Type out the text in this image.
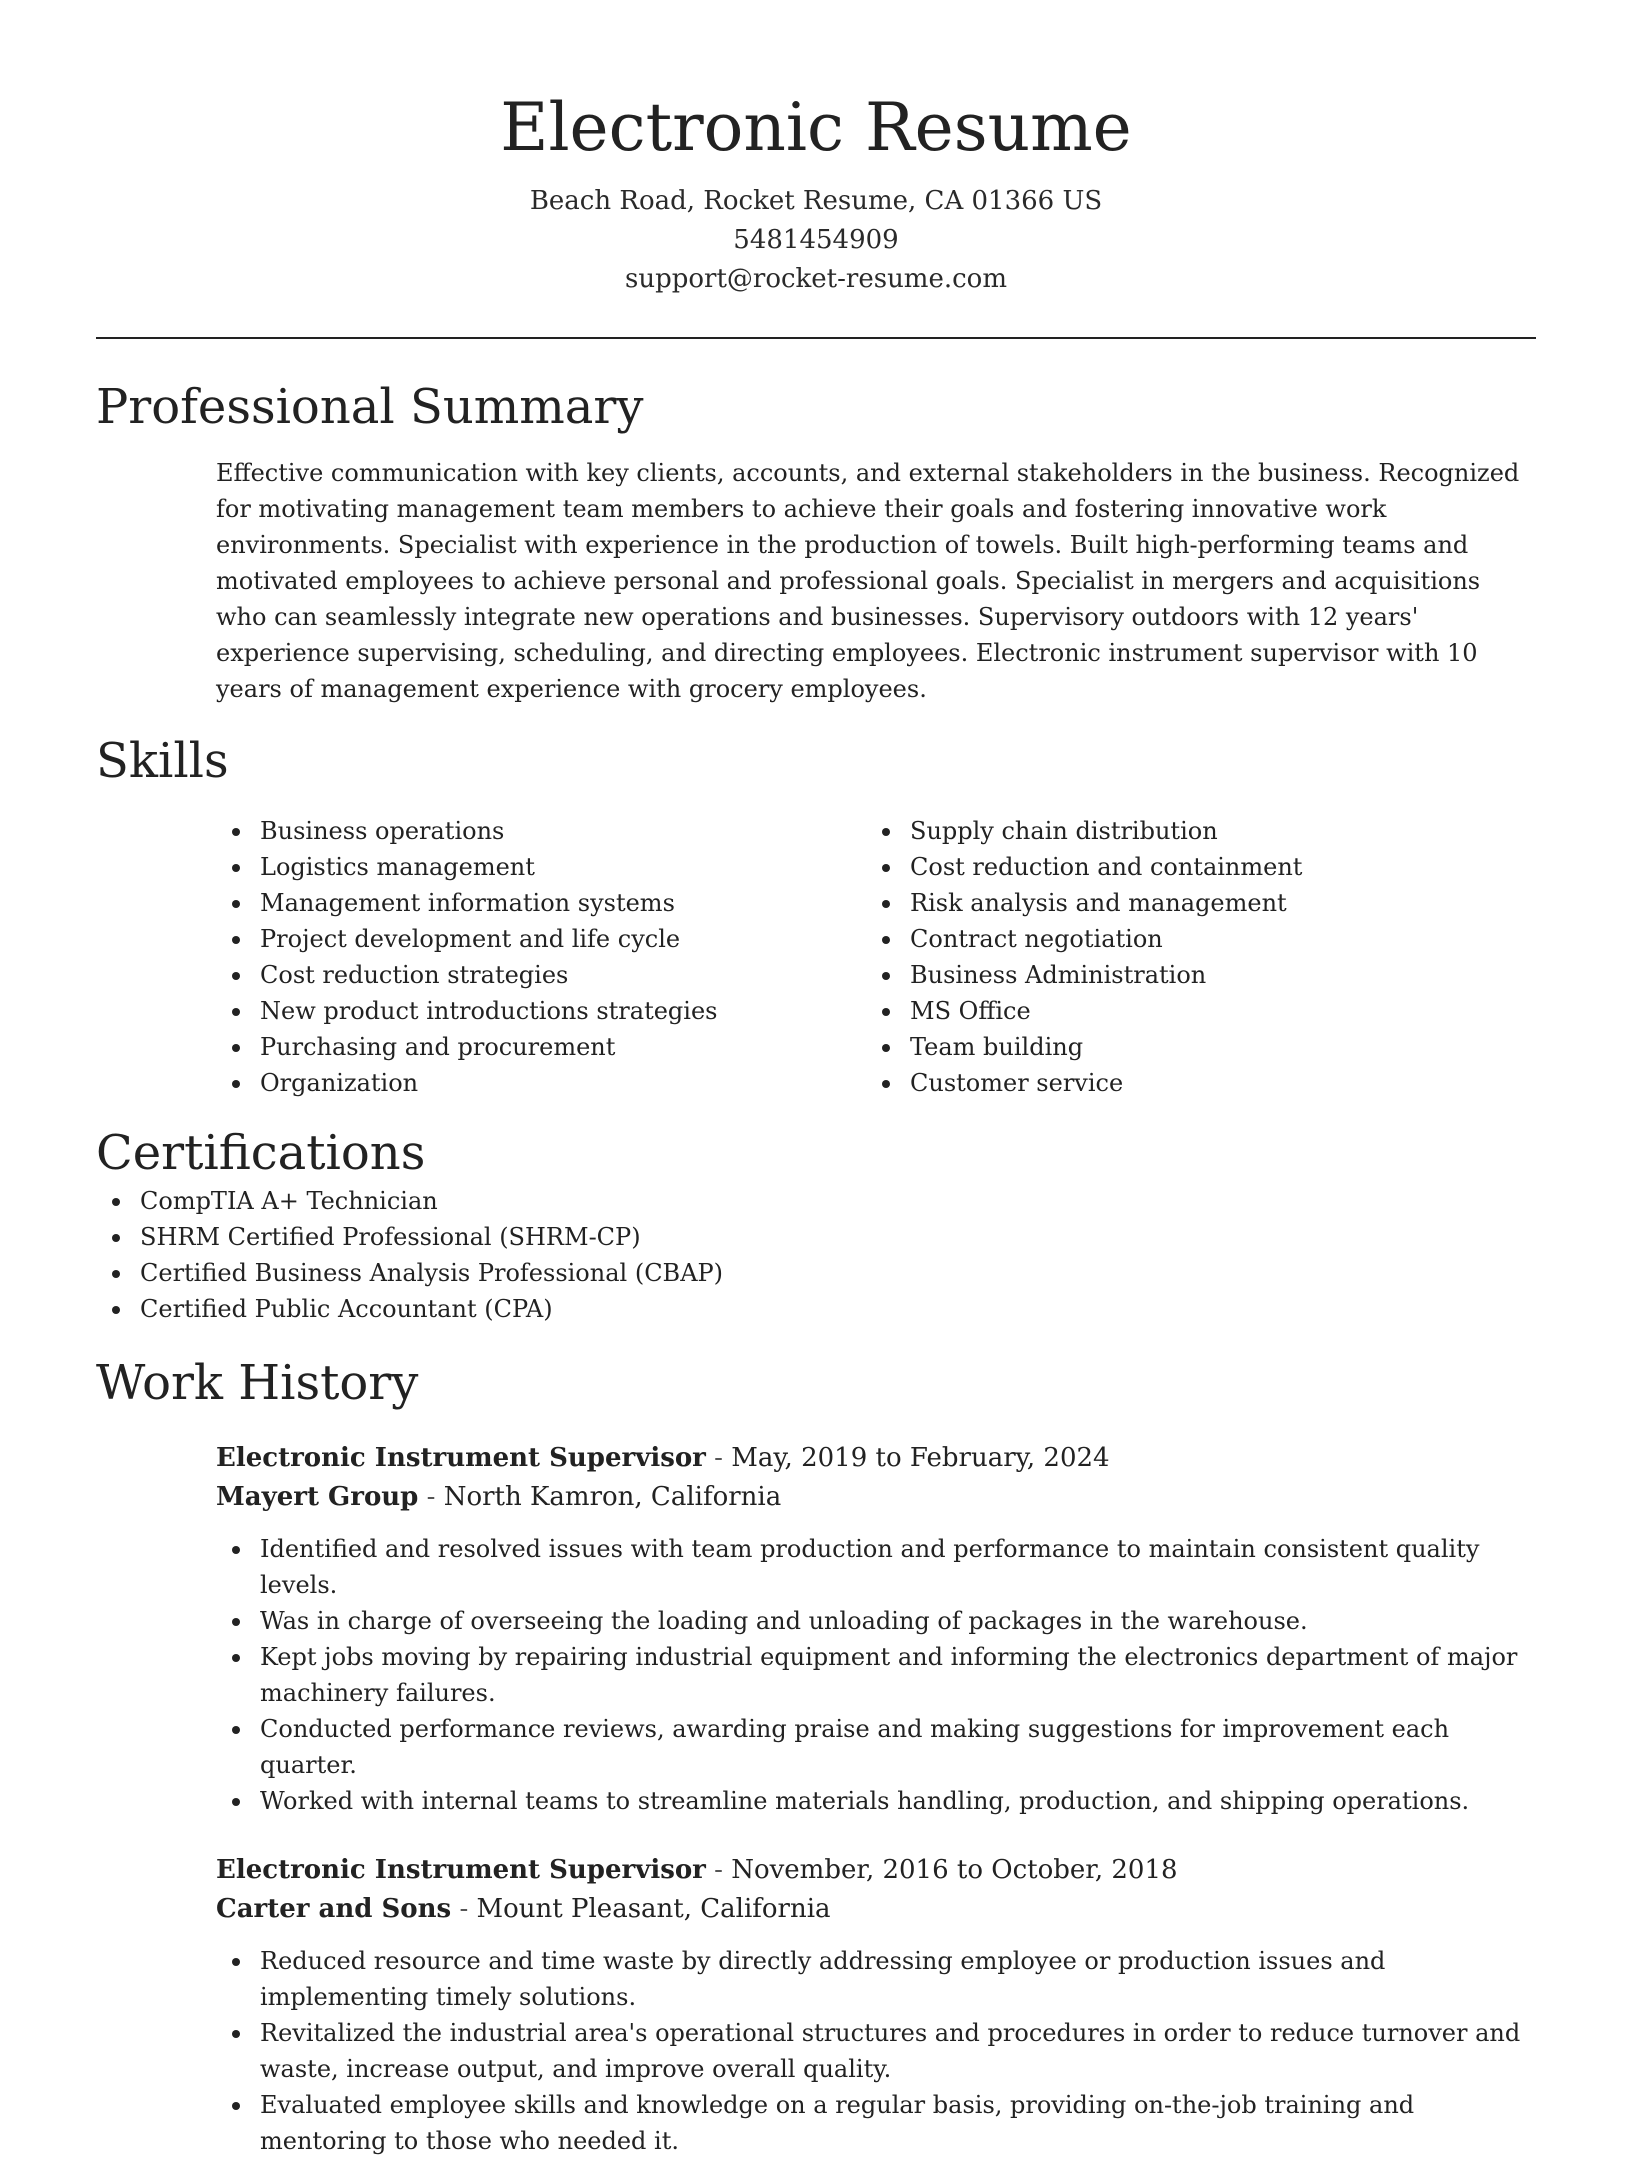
Electronic Resume
Beach Road, Rocket Resume, CA 01366 US
5481454909
support@rocket-resume.com
Professional Summary

Effective communication with key clients, accounts, and external stakeholders in the business. Recognized for motivating management team members to achieve their goals and fostering innovative work environments. Specialist with experience in the production of towels. Built high-performing teams and motivated employees to achieve personal and professional goals. Specialist in mergers and acquisitions who can seamlessly integrate new operations and businesses. Supervisory outdoors with 12 years' experience supervising, scheduling, and directing employees. Electronic instrument supervisor with 10 years of management experience with grocery employees.

Skills
Business operations
Logistics management
Management information systems
Project development and life cycle
Cost reduction strategies
New product introductions strategies
Purchasing and procurement
Organization
Supply chain distribution
Cost reduction and containment
Risk analysis and management
Contract negotiation
Business Administration
MS Office
Team building
Customer service
Certifications
CompTIA A+ Technician
SHRM Certified Professional (SHRM-CP)
Certified Business Analysis Professional (CBAP)
Certified Public Accountant (CPA)
Work History
Electronic Instrument Supervisor - May, 2019 to February, 2024
Mayert Group - North Kamron, California
Identified and resolved issues with team production and performance to maintain consistent quality levels.
Was in charge of overseeing the loading and unloading of packages in the warehouse.
Kept jobs moving by repairing industrial equipment and informing the electronics department of major machinery failures.
Conducted performance reviews, awarding praise and making suggestions for improvement each quarter.
Worked with internal teams to streamline materials handling, production, and shipping operations.
Electronic Instrument Supervisor - November, 2016 to October, 2018
Carter and Sons - Mount Pleasant, California
Reduced resource and time waste by directly addressing employee or production issues and implementing timely solutions.
Revitalized the industrial area's operational structures and procedures in order to reduce turnover and waste, increase output, and improve overall quality.
Evaluated employee skills and knowledge on a regular basis, providing on-the-job training and mentoring to those who needed it.
